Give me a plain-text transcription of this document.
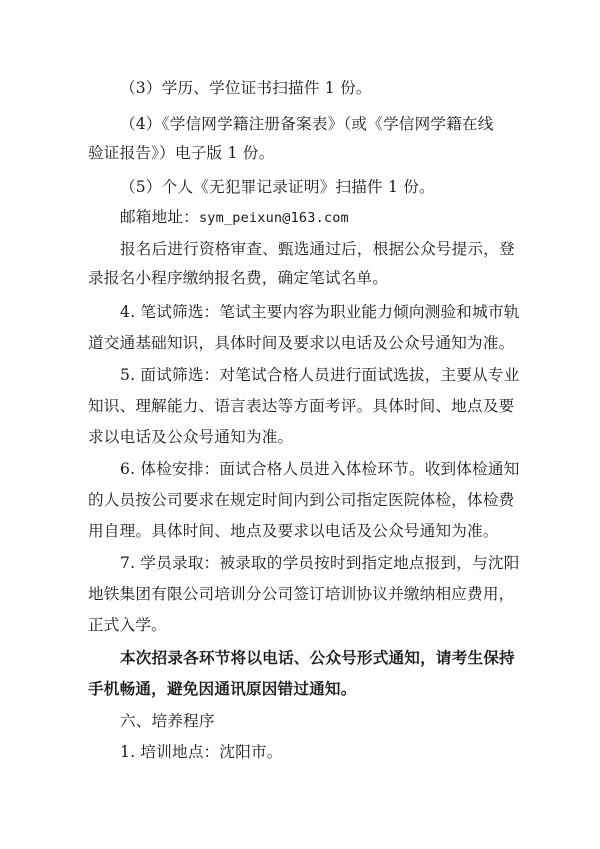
（3）学历、学位证书扫描件 1 份。
（4）《学信网学籍注册备案表》（或《学信网学籍在线
验证报告》）电子版 1 份。
（5）个人《无犯罪记录证明》扫描件 1 份。
邮箱地址：sym_peixun@163.com
报名后进行资格审查、甄选通过后，根据公众号提示，登
录报名小程序缴纳报名费，确定笔试名单。
4. 笔试筛选：笔试主要内容为职业能力倾向测验和城市轨
道交通基础知识，具体时间及要求以电话及公众号通知为准。
5. 面试筛选：对笔试合格人员进行面试选拔，主要从专业
知识、理解能力、语言表达等方面考评。具体时间、地点及要
求以电话及公众号通知为准。
6. 体检安排：面试合格人员进入体检环节。收到体检通知
的人员按公司要求在规定时间内到公司指定医院体检，体检费
用自理。具体时间、地点及要求以电话及公众号通知为准。
7. 学员录取：被录取的学员按时到指定地点报到，与沈阳
地铁集团有限公司培训分公司签订培训协议并缴纳相应费用，
正式入学。
本次招录各环节将以电话、公众号形式通知，请考生保持
手机畅通，避免因通讯原因错过通知。
六、培养程序
1. 培训地点：沈阳市。
